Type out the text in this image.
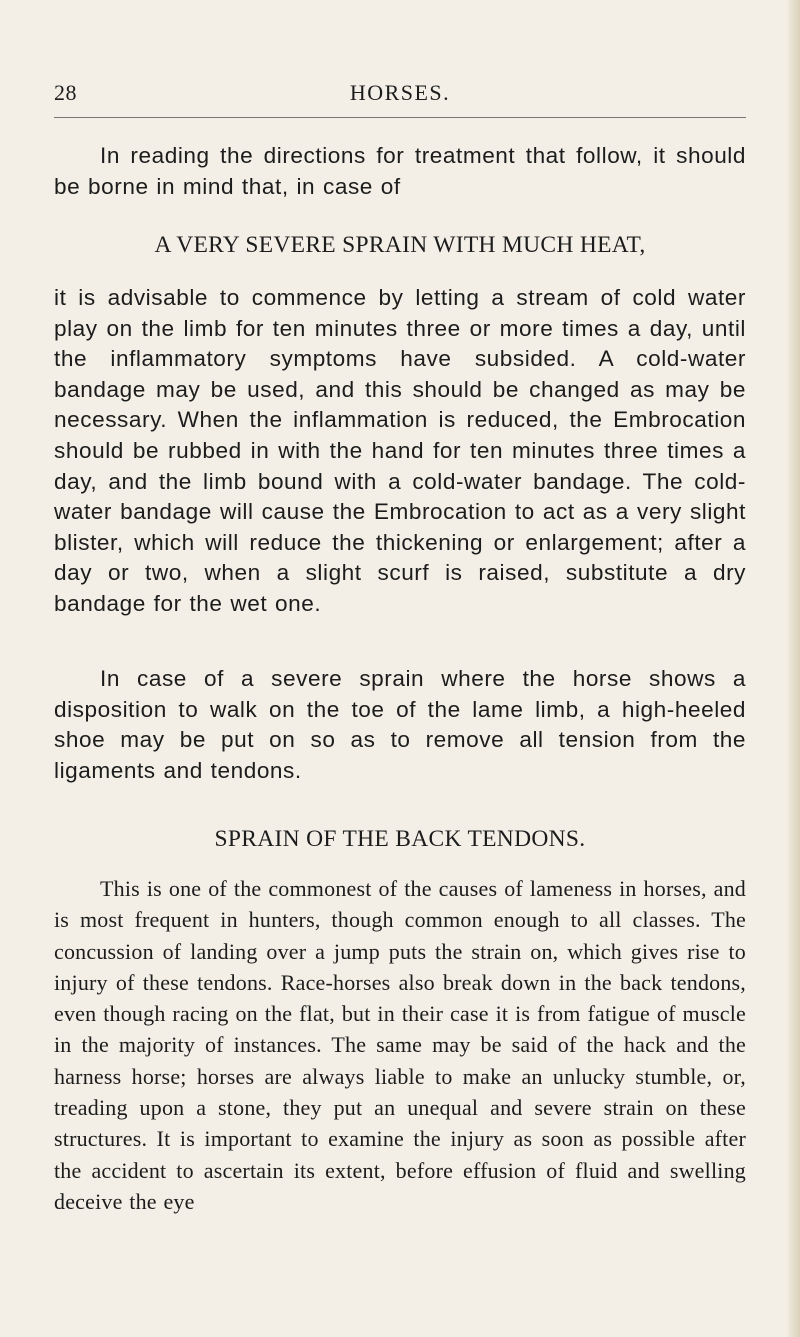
28	HORSES.

In reading the directions for treatment that follow, it should be borne in mind that, in case of

A VERY SEVERE SPRAIN WITH MUCH HEAT,

it is advisable to commence by letting a stream of cold water play on the limb for ten minutes three or more times a day, until the inflammatory symptoms have subsided. A cold-water bandage may be used, and this should be changed as may be necessary. When the inflammation is reduced, the Embrocation should be rubbed in with the hand for ten minutes three times a day, and the limb bound with a cold-water bandage. The cold-water bandage will cause the Embrocation to act as a very slight blister, which will reduce the thickening or enlargement; after a day or two, when a slight scurf is raised, substitute a dry bandage for the wet one.

In case of a severe sprain where the horse shows a disposition to walk on the toe of the lame limb, a high-heeled shoe may be put on so as to remove all tension from the ligaments and tendons.

SPRAIN OF THE BACK TENDONS.

This is one of the commonest of the causes of lameness in horses, and is most frequent in hunters, though common enough to all classes. The concussion of landing over a jump puts the strain on, which gives rise to injury of these tendons. Race-horses also break down in the back tendons, even though racing on the flat, but in their case it is from fatigue of muscle in the majority of instances. The same may be said of the hack and the harness horse; horses are always liable to make an unlucky stumble, or, treading upon a stone, they put an unequal and severe strain on these structures. It is important to examine the injury as soon as possible after the accident to ascertain its extent, before effusion of fluid and swelling deceive the eye
